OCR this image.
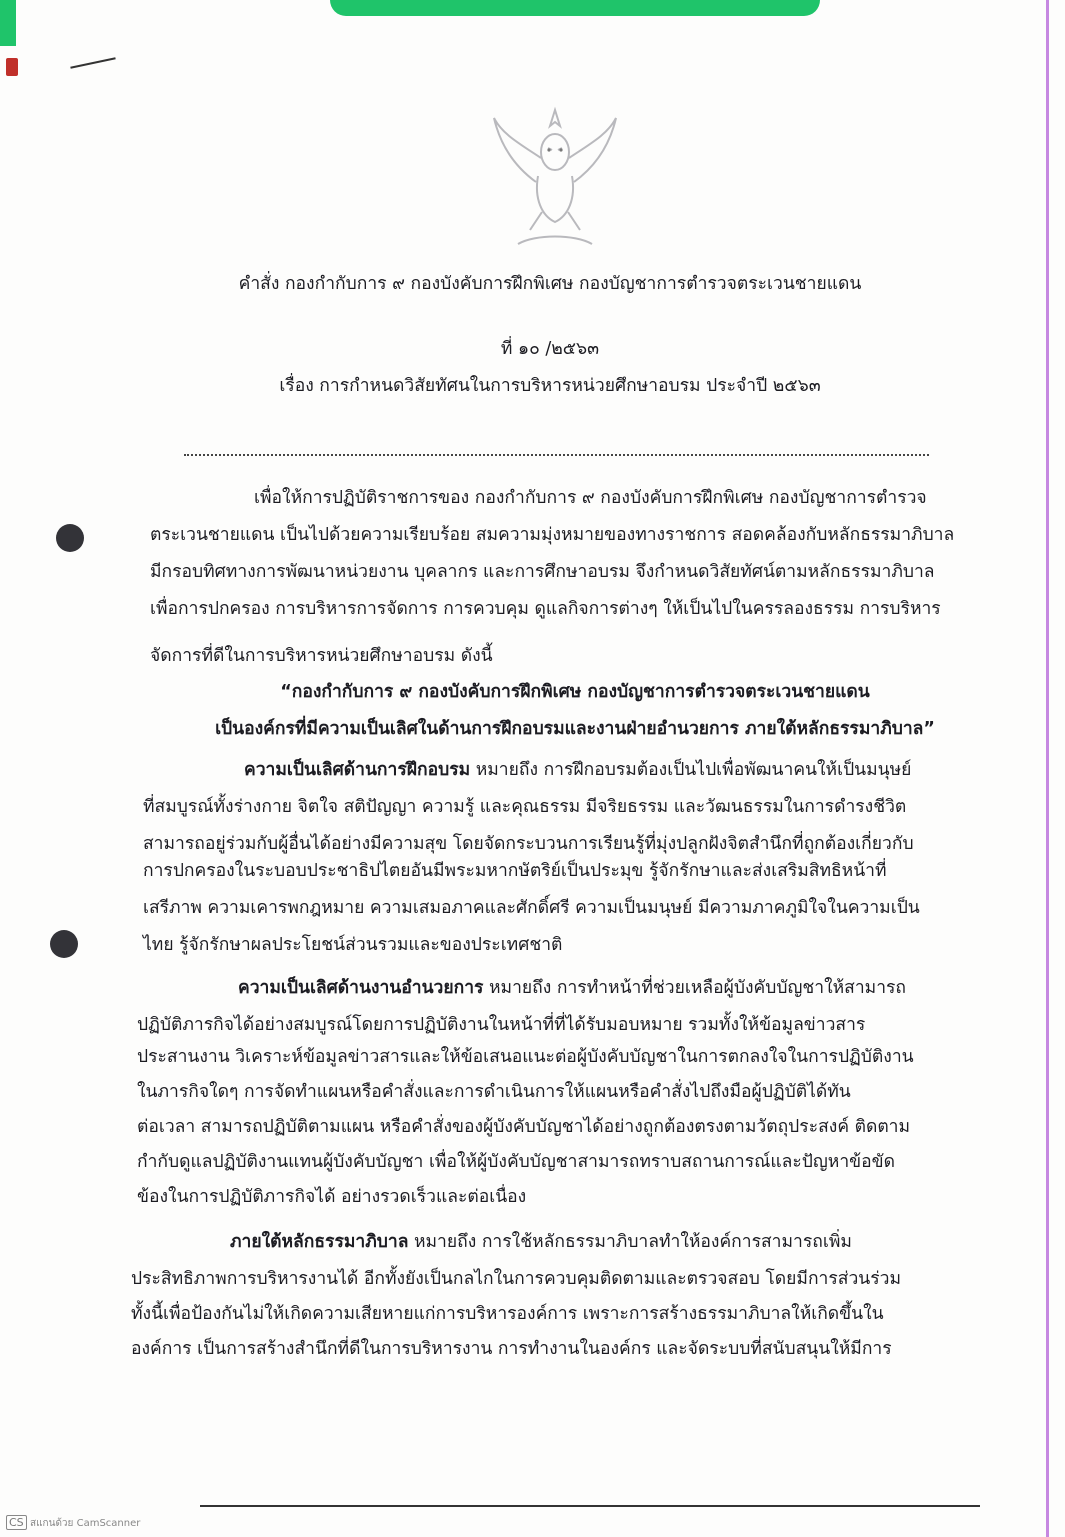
คำสั่ง กองกำกับการ ๙ กองบังคับการฝึกพิเศษ กองบัญชาการตำรวจตระเวนชายแดน
ที่ ๑๐ /๒๕๖๓
เรื่อง การกำหนดวิสัยทัศนในการบริหารหน่วยศึกษาอบรม ประจำปี ๒๕๖๓
เพื่อให้การปฏิบัติราชการของ กองกำกับการ ๙ กองบังคับการฝึกพิเศษ กองบัญชาการตำรวจ
ตระเวนชายแดน เป็นไปด้วยความเรียบร้อย สมความมุ่งหมายของทางราชการ สอดคล้องกับหลักธรรมาภิบาล
มีกรอบทิศทางการพัฒนาหน่วยงาน บุคลากร และการศึกษาอบรม จึงกำหนดวิสัยทัศน์ตามหลักธรรมาภิบาล
เพื่อการปกครอง การบริหารการจัดการ การควบคุม ดูแลกิจการต่างๆ ให้เป็นไปในครรลองธรรม การบริหาร
จัดการที่ดีในการบริหารหน่วยศึกษาอบรม ดังนี้
“กองกำกับการ ๙ กองบังคับการฝึกพิเศษ กองบัญชาการตำรวจตระเวนชายแดน
เป็นองค์กรที่มีความเป็นเลิศในด้านการฝึกอบรมและงานฝ่ายอำนวยการ ภายใต้หลักธรรมาภิบาล”
ความเป็นเลิศด้านการฝึกอบรม หมายถึง การฝึกอบรมต้องเป็นไปเพื่อพัฒนาคนให้เป็นมนุษย์
ที่สมบูรณ์ทั้งร่างกาย จิตใจ สติปัญญา ความรู้ และคุณธรรม มีจริยธรรม และวัฒนธรรมในการดำรงชีวิต
สามารถอยู่ร่วมกับผู้อื่นได้อย่างมีความสุข โดยจัดกระบวนการเรียนรู้ที่มุ่งปลูกฝังจิตสำนึกที่ถูกต้องเกี่ยวกับ
การปกครองในระบอบประชาธิปไตยอันมีพระมหากษัตริย์เป็นประมุข รู้จักรักษาและส่งเสริมสิทธิหน้าที่
เสรีภาพ ความเคารพกฎหมาย ความเสมอภาคและศักดิ์ศรี ความเป็นมนุษย์ มีความภาคภูมิใจในความเป็น
ไทย รู้จักรักษาผลประโยชน์ส่วนรวมและของประเทศชาติ
ความเป็นเลิศด้านงานอำนวยการ หมายถึง การทำหน้าที่ช่วยเหลือผู้บังคับบัญชาให้สามารถ
ปฏิบัติภารกิจได้อย่างสมบูรณ์โดยการปฏิบัติงานในหน้าที่ที่ได้รับมอบหมาย รวมทั้งให้ข้อมูลข่าวสาร
ประสานงาน วิเคราะห์ข้อมูลข่าวสารและให้ข้อเสนอแนะต่อผู้บังคับบัญชาในการตกลงใจในการปฏิบัติงาน
ในภารกิจใดๆ การจัดทำแผนหรือคำสั่งและการดำเนินการให้แผนหรือคำสั่งไปถึงมือผู้ปฏิบัติได้ทัน
ต่อเวลา สามารถปฏิบัติตามแผน หรือคำสั่งของผู้บังคับบัญชาได้อย่างถูกต้องตรงตามวัตถุประสงค์ ติดตาม
กำกับดูแลปฏิบัติงานแทนผู้บังคับบัญชา เพื่อให้ผู้บังคับบัญชาสามารถทราบสถานการณ์และปัญหาข้อขัด
ข้องในการปฏิบัติภารกิจได้ อย่างรวดเร็วและต่อเนื่อง
ภายใต้หลักธรรมาภิบาล หมายถึง การใช้หลักธรรมาภิบาลทำให้องค์การสามารถเพิ่ม
ประสิทธิภาพการบริหารงานได้ อีกทั้งยังเป็นกลไกในการควบคุมติดตามและตรวจสอบ โดยมีการส่วนร่วม
ทั้งนี้เพื่อป้องกันไม่ให้เกิดความเสียหายแก่การบริหารองค์การ เพราะการสร้างธรรมาภิบาลให้เกิดขึ้นใน
องค์การ เป็นการสร้างสำนึกที่ดีในการบริหารงาน การทำงานในองค์กร และจัดระบบที่สนับสนุนให้มีการ
CS สแกนด้วย CamScanner
